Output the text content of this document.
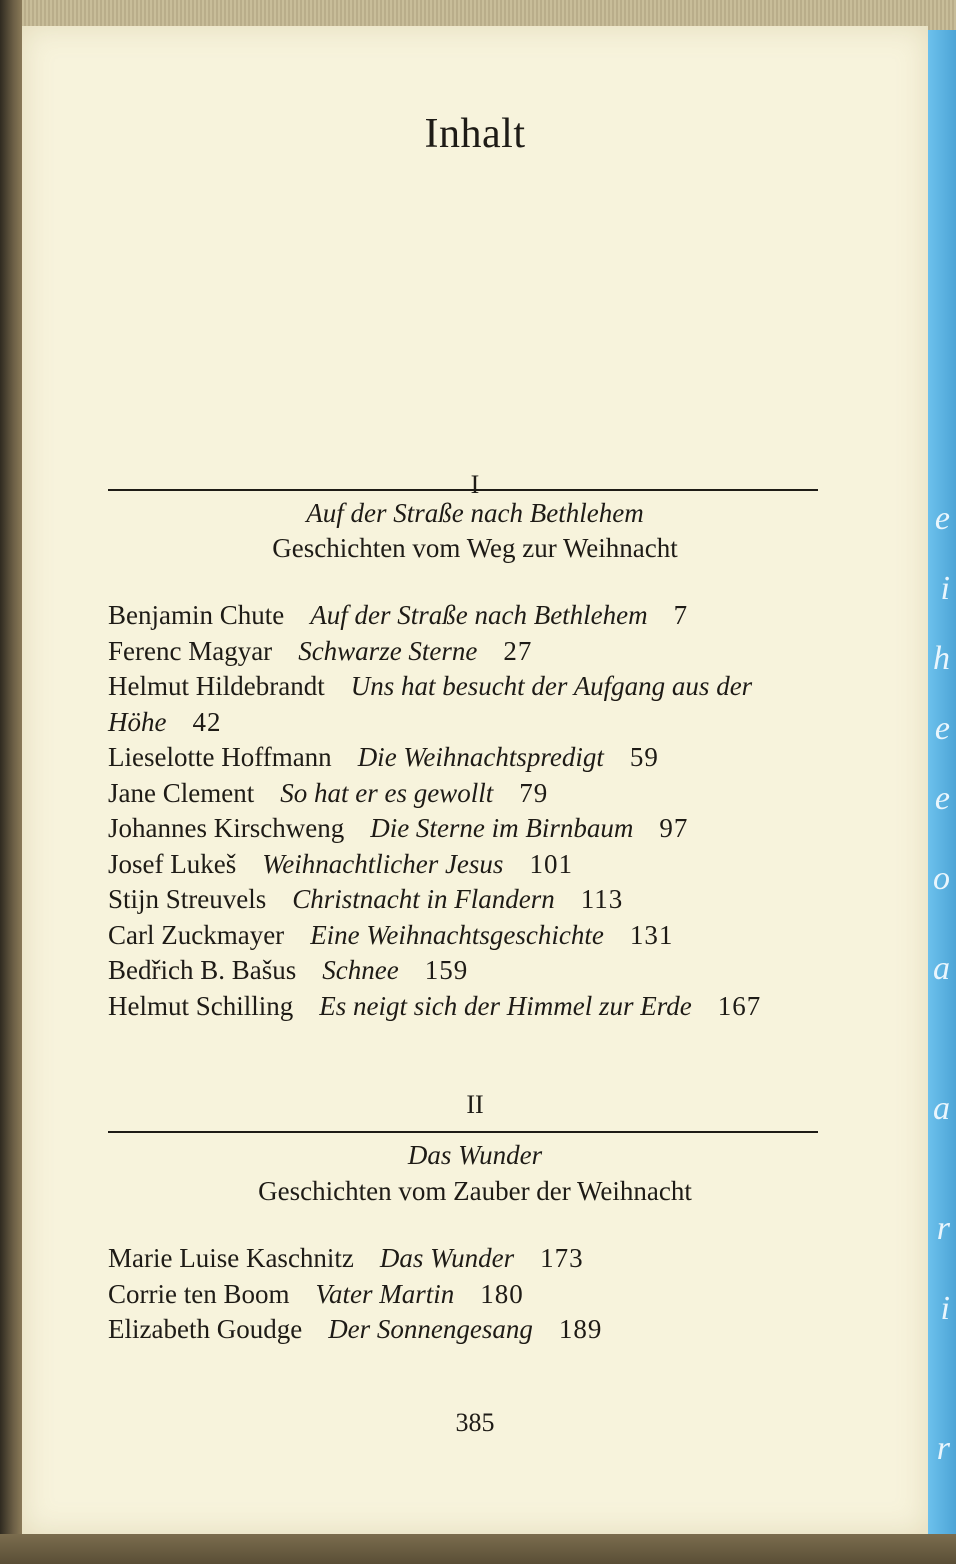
e
i
h
e
e
o
a
a
r
i
r
Inhalt
I
Auf der Straße nach Bethlehem
Geschichten vom Weg zur Weihnacht
Benjamin Chute Auf der Straße nach Bethlehem 7
Ferenc Magyar Schwarze Sterne 27
Helmut Hildebrandt Uns hat besucht der Aufgang aus der Höhe 42
Lieselotte Hoffmann Die Weihnachtspredigt 59
Jane Clement So hat er es gewollt 79
Johannes Kirschweng Die Sterne im Birnbaum 97
Josef Lukeš Weihnachtlicher Jesus 101
Stijn Streuvels Christnacht in Flandern 113
Carl Zuckmayer Eine Weihnachtsgeschichte 131
Bedřich B. Bašus Schnee 159
Helmut Schilling Es neigt sich der Himmel zur Erde 167
II
Das Wunder
Geschichten vom Zauber der Weihnacht
Marie Luise Kaschnitz Das Wunder 173
Corrie ten Boom Vater Martin 180
Elizabeth Goudge Der Sonnengesang 189
385
